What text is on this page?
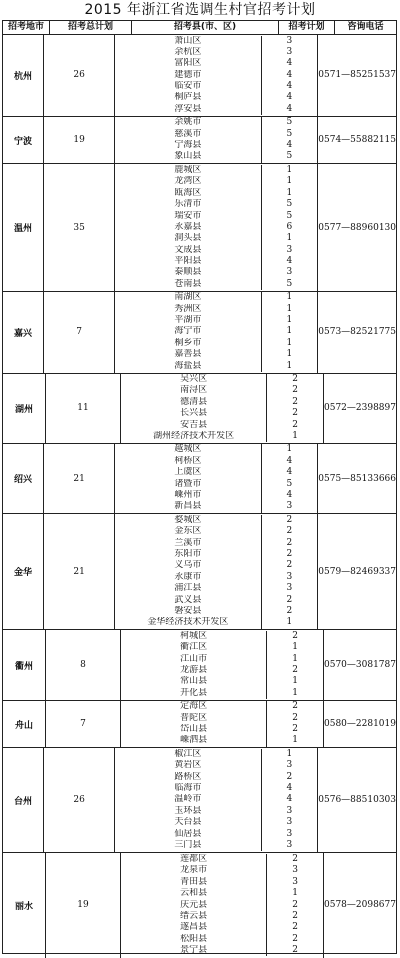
2015 年浙江省选调生村官招考计划
招考地市	招考总计划	招考县(市、区)	招考计划	咨询电话
杭州	26
萧山区	3
余杭区	3
富阳区	4
建德市	4
临安市	4
桐庐县	4
淳安县	4
0571—85251537
宁波	19
余姚市	5
慈溪市	5
宁海县	4
象山县	5
0574—55882115
温州	35
鹿城区	1
龙湾区	1
瓯海区	1
乐清市	5
瑞安市	5
永嘉县	6
洞头县	1
文成县	3
平阳县	4
泰顺县	3
苍南县	5
0577—88960130
嘉兴	7
南湖区	1
秀洲区	1
平湖市	1
海宁市	1
桐乡市	1
嘉善县	1
海盐县	1
0573—82521775
湖州	11
吴兴区	2
南浔区	2
德清县	2
长兴县	2
安吉县	2
湖州经济技术开发区	1
0572—2398897
绍兴	21
越城区	1
柯桥区	4
上虞区	4
诸暨市	5
嵊州市	4
新昌县	3
0575—85133666
金华	21
婺城区	2
金东区	2
兰溪市	2
东阳市	2
义乌市	2
永康市	3
浦江县	3
武义县	2
磐安县	2
金华经济技术开发区	1
0579—82469337
衢州	8
柯城区	2
衢江区	1
江山市	1
龙游县	2
常山县	1
开化县	1
0570—3081787
舟山	7
定海区	2
普陀区	2
岱山县	2
嵊泗县	1
0580—2281019
台州	26
椒江区	1
黄岩区	3
路桥区	2
临海市	4
温岭市	4
玉环县	3
天台县	3
仙居县	3
三门县	3
0576—88510303
丽水	19
莲都区	2
龙泉市	3
青田县	3
云和县	1
庆元县	2
缙云县	2
遂昌县	2
松阳县	2
景宁县	2
0578—2098677
